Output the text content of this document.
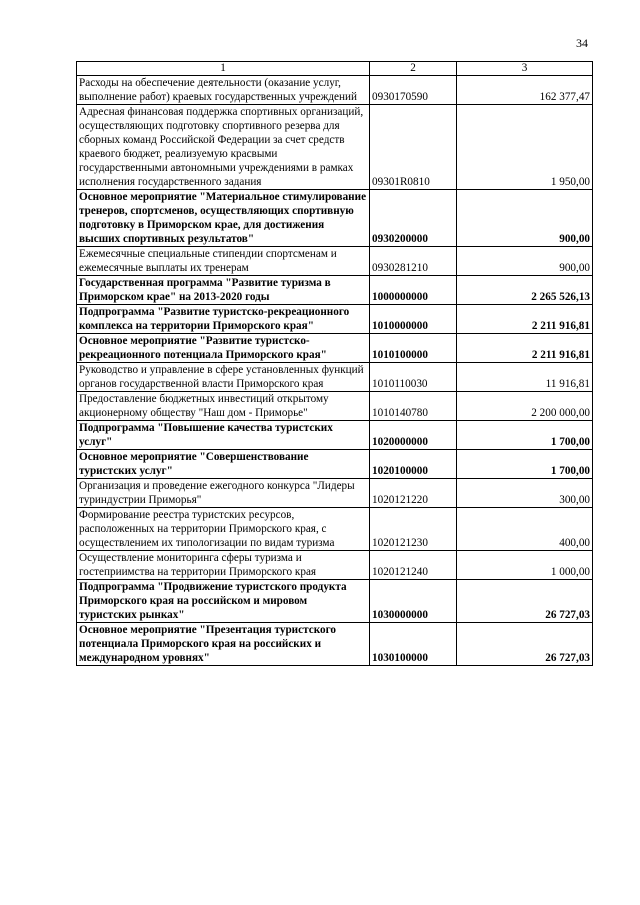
34
1	2	3
Расходы на обеспечение деятельности (оказание услуг, выполнение работ) краевых государственных учреждений	0930170590	162 377,47
Адресная финансовая поддержка спортивных организаций, осуществляющих подготовку спортивного резерва для сборных команд Российской Федерации за счет средств краевого бюджет, реализуемую красвыми государственными автономными учреждениями в рамках исполнения государственного задания	09301R0810	1 950,00
Основное мероприятие "Материальное стимулирование тренеров, спортсменов, осуществляющих спортивную подготовку в Приморском крае, для достижения высших спортивных результатов"	0930200000	900,00
Ежемесячные специальные стипендии спортсменам и ежемесячные выплаты их тренерам	0930281210	900,00
Государственная программа "Развитие туризма в Приморском крае" на 2013-2020 годы	1000000000	2 265 526,13
Подпрограмма "Развитие туристско-рекреационного комплекса на территории Приморского края"	1010000000	2 211 916,81
Основное мероприятие "Развитие туристско-рекреационного потенциала Приморского края"	1010100000	2 211 916,81
Руководство и управление в сфере установленных функций органов государственной власти Приморского края	1010110030	11 916,81
Предоставление бюджетных инвестиций открытому акционерному обществу "Наш дом - Приморье"	1010140780	2 200 000,00
Подпрограмма "Повышение качества туристских услуг"	1020000000	1 700,00
Основное мероприятие "Совершенствование туристских услуг"	1020100000	1 700,00
Организация и проведение ежегодного конкурса "Лидеры туриндустрии Приморья"	1020121220	300,00
Формирование реестра туристских ресурсов, расположенных на территории Приморского края, с осуществлением их типологизации по видам туризма	1020121230	400,00
Осуществление мониторинга сферы туризма и гостеприимства на территории Приморского края	1020121240	1 000,00
Подпрограмма "Продвижение туристского продукта Приморского края на российском и мировом туристских рынках"	1030000000	26 727,03
Основное мероприятие "Презентация туристского потенциала Приморского края на российских и международном уровнях"	1030100000	26 727,03
